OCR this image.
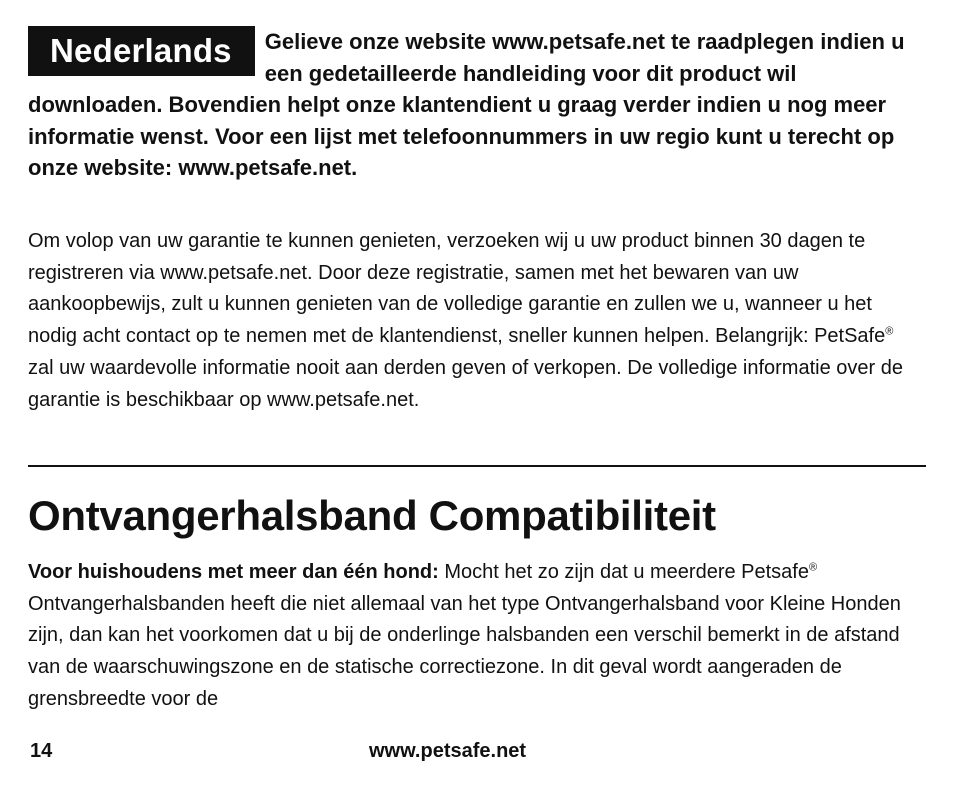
Nederlands	Gelieve onze website www.petsafe.net te raadplegen indien u een gedetailleerde handleiding voor dit product wil downloaden. Bovendien helpt onze klantendient u graag verder indien u nog meer informatie wenst. Voor een lijst met telefoonnummers in uw regio kunt u terecht op onze website: www.petsafe.net.

Om volop van uw garantie te kunnen genieten, verzoeken wij u uw product binnen 30 dagen te registreren via www.petsafe.net. Door deze registratie, samen met het bewaren van uw aankoopbewijs, zult u kunnen genieten van de volledige garantie en zullen we u, wanneer u het nodig acht contact op te nemen met de klantendienst, sneller kunnen helpen. Belangrijk: PetSafe® zal uw waardevolle informatie nooit aan derden geven of verkopen. De volledige informatie over de garantie is beschikbaar op www.petsafe.net.

Ontvangerhalsband Compatibiliteit

Voor huishoudens met meer dan één hond: Mocht het zo zijn dat u meerdere Petsafe® Ontvangerhalsbanden heeft die niet allemaal van het type Ontvangerhalsband voor Kleine Honden zijn, dan kan het voorkomen dat u bij de onderlinge halsbanden een verschil bemerkt in de afstand van de waarschuwingszone en de statische correctiezone. In dit geval wordt aangeraden de grensbreedte voor de

14	www.petsafe.net
